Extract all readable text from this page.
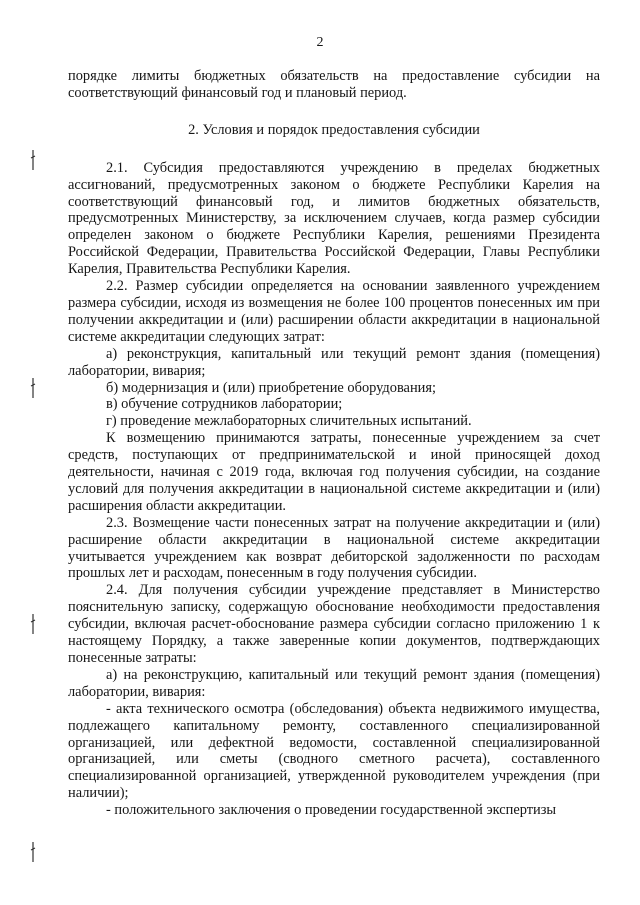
2

порядке лимиты бюджетных обязательств на предоставление субсидии на соответствующий финансовый год и плановый период.

2. Условия и порядок предоставления субсидии

2.1. Субсидия предоставляются учреждению в пределах бюджетных ассигнований, предусмотренных законом о бюджете Республики Карелия на соответствующий финансовый год, и лимитов бюджетных обязательств, предусмотренных Министерству, за исключением случаев, когда размер субсидии определен законом о бюджете Республики Карелия, решениями Президента Российской Федерации, Правительства Российской Федерации, Главы Республики Карелия, Правительства Республики Карелия.

2.2. Размер субсидии определяется на основании заявленного учреждением размера субсидии, исходя из возмещения не более 100 процентов понесенных им при получении аккредитации и (или) расширении области аккредитации в национальной системе аккредитации следующих затрат:

а) реконструкция, капитальный или текущий ремонт здания (помещения) лаборатории, вивария;

б) модернизация и (или) приобретение оборудования;

в) обучение сотрудников лаборатории;

г) проведение межлабораторных сличительных испытаний.

К возмещению принимаются затраты, понесенные учреждением за счет средств, поступающих от предпринимательской и иной приносящей доход деятельности, начиная с 2019 года, включая год получения субсидии, на создание условий для получения аккредитации в национальной системе аккредитации и (или) расширения области аккредитации.

2.3. Возмещение части понесенных затрат на получение аккредитации и (или) расширение области аккредитации в национальной системе аккредитации учитывается учреждением как возврат дебиторской задолженности по расходам прошлых лет и расходам, понесенным в году получения субсидии.

2.4. Для получения субсидии учреждение представляет в Министерство пояснительную записку, содержащую обоснование необходимости предоставления субсидии, включая расчет-обоснование размера субсидии согласно приложению 1 к настоящему Порядку, а также заверенные копии документов, подтверждающих понесенные затраты:

а) на реконструкцию, капитальный или текущий ремонт здания (помещения) лаборатории, вивария:

- акта технического осмотра (обследования) объекта недвижимого имущества, подлежащего капитальному ремонту, составленного специализированной организацией, или дефектной ведомости, составленной специализированной организацией, или сметы (сводного сметного расчета), составленного специализированной организацией, утвержденной руководителем учреждения (при наличии);

- положительного заключения о проведении государственной экспертизы
